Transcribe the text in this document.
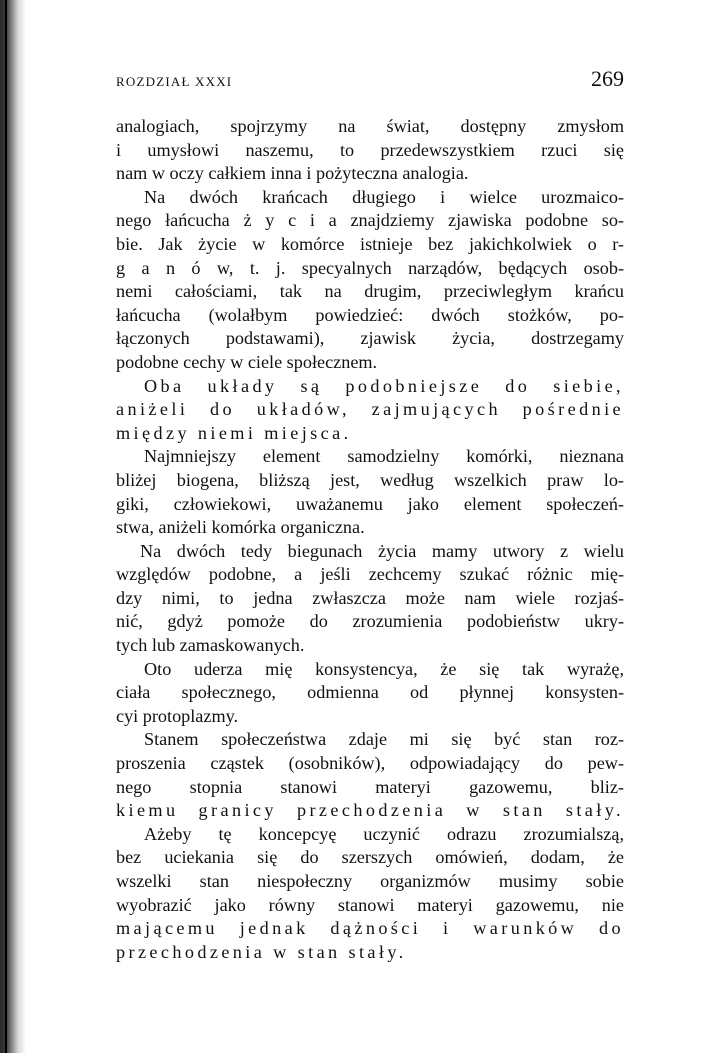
ROZDZIAŁ XXXI	269
analogiach, spojrzymy na świat, dostępny zmysłom
i umysłowi naszemu, to przedewszystkiem rzuci się
nam w oczy całkiem inna i pożyteczna analogia.
Na dwóch krańcach długiego i wielce urozmaico-
nego łańcucha ż y c i a znajdziemy zjawiska podobne so-
bie. Jak życie w komórce istnieje bez jakichkolwiek o r-
g a n ó w, t. j. specyalnych narządów, będących osob-
nemi całościami, tak na drugim, przeciwległym krańcu
łańcucha (wolałbym powiedzieć: dwóch stożków, po-
łączonych podstawami), zjawisk życia, dostrzegamy
podobne cechy w ciele społecznem.
Oba układy są podobniejsze do siebie,
aniżeli do układów, zajmujących pośrednie
między niemi miejsca.
Najmniejszy element samodzielny komórki, nieznana
bliżej biogena, bliższą jest, według wszelkich praw lo-
giki, człowiekowi, uważanemu jako element społeczeń-
stwa, aniżeli komórka organiczna.
Na dwóch tedy biegunach życia mamy utwory z wielu
względów podobne, a jeśli zechcemy szukać różnic mię-
dzy nimi, to jedna zwłaszcza może nam wiele rozjaś-
nić, gdyż pomoże do zrozumienia podobieństw ukry-
tych lub zamaskowanych.
Oto uderza mię konsystencya, że się tak wyrażę,
ciała społecznego, odmienna od płynnej konsysten-
cyi protoplazmy.
Stanem społeczeństwa zdaje mi się być stan roz-
proszenia cząstek (osobników), odpowiadający do pew-
nego stopnia stanowi materyi gazowemu, bliz-
kiemu granicy przechodzenia w stan stały.
Ażeby tę koncepcyę uczynić odrazu zrozumialszą,
bez uciekania się do szerszych omówień, dodam, że
wszelki stan niespołeczny organizmów musimy sobie
wyobrazić jako równy stanowi materyi gazowemu, nie
mającemu jednak dążności i warunków do
przechodzenia w stan stały.
